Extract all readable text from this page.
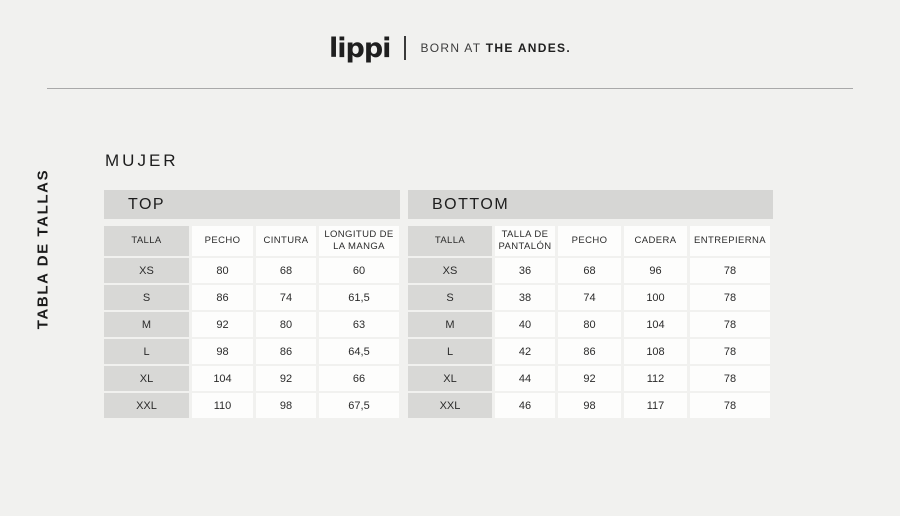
lippi	BORN AT THE ANDES.
TABLA DE TALLAS
MUJER
TOP
TALLA	PECHO	CINTURA	LONGITUD DE LA MANGA
XS	80	68	60
S	86	74	61,5
M	92	80	63
L	98	86	64,5
XL	104	92	66
XXL	110	98	67,5
BOTTOM
TALLA	TALLA DE PANTALÓN	PECHO	CADERA	ENTREPIERNA
XS	36	68	96	78
S	38	74	100	78
M	40	80	104	78
L	42	86	108	78
XL	44	92	112	78
XXL	46	98	117	78
